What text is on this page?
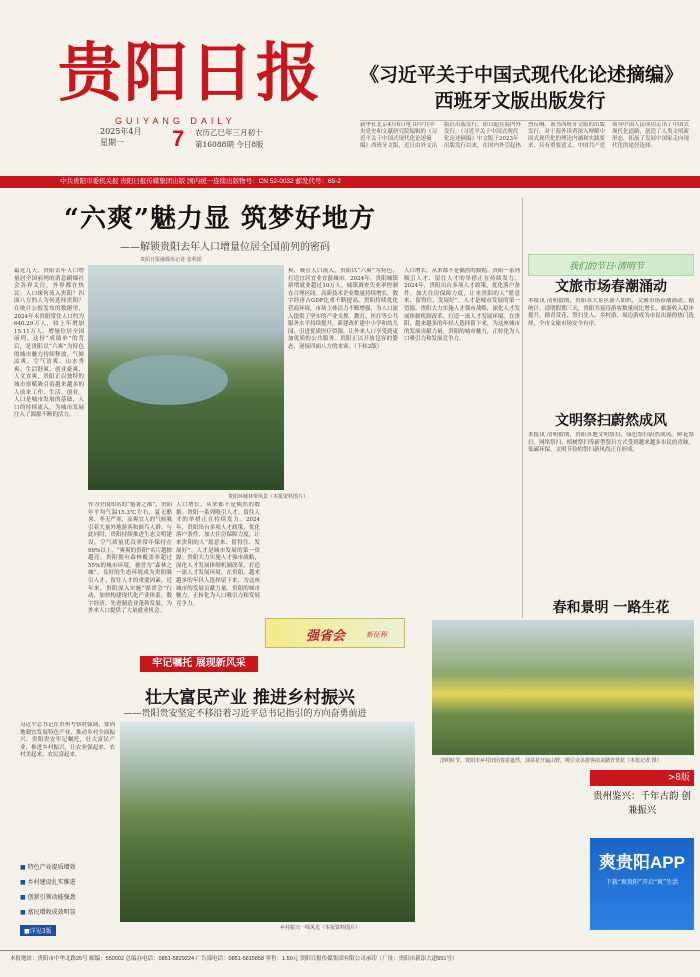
贵阳日报
GUIYANG DAILY
2025年4月
星期一	7 农历乙巳年三月初十
第16088期 今日8版
《习近平关于中国式现代化论述摘编》
西班牙文版出版发行
新华社北京4月6日电 由中共中央党史和文献研究院编辑的《习近平关于中国式现代化论述摘编》西班牙文版，近日由外文出版社出版发行，即日起在海内外发行。《习近平关于中国式现代化论述摘编》中文版于2023年出版发行以来，在国内外引起热烈反响。该书西班牙文版的出版发行，对于海外读者深入理解中国式现代化的理论内涵和实践要求，具有重要意义。中国共产党领导中国人民成功走出了中国式现代化道路，创造了人类文明新形态，拓展了发展中国家走向现代化的途径选择。
中共贵阳市委机关报 贵阳日报传媒集团出版 国内统一连续出版物号：CN 52-0032 邮发代号：65-2
“六爽”魅力显 筑梦好地方
——解锁贵阳去年人口增量位居全国前列的密码
贵阳日报融媒体记者 张利娟
最近几天，贵阳去年人口增量居全国前列的消息刷爆社会各界关注，外界都在热议：人口缘何流入贵阳？四面八方的人为何选择贵阳？在统计公报发布的数据里，2024年末贵阳常住人口约为640.29万人，较上年增加15.11万人，增量位居全国前列。这份“成绩单”的背后，是贵阳以“六爽”为特色的城市魅力持续释放。气候凉爽、空气清爽、山水秀爽、生活舒爽、创业豪爽、人文直爽，贵阳正以独特的城市禀赋吸引着越来越多的人前来工作、生活、创业。人口是城市发展的基础，人口的持续流入，为城市发展注入了源源不断的活力。
贵阳环城林带风景（本报资料图片）
作为全国知名的“避暑之都”，贵阳年平均气温15.3℃左右，夏无酷暑、冬无严寒，凉爽宜人的气候吸引着大量外地游客和候鸟人群。与此同时，贵阳持续推进生态文明建设，空气质量优良率常年保持在98%以上，“爽爽的贵阳”名片越擦越亮。贵阳拥有森林覆盖率超过55%的城市环境，被誉为“森林之城”。良好的生态环境成为贵阳吸引人才、留住人才的重要因素。近年来，贵阳深入实施“强省会”行动，加快构建现代化产业体系，数字经济、先进制造业蓬勃发展，为外来人口提供了大量就业机会。
人口增长，从来都不是偶然的数据。贵阳一系列吸引人才、留住人才的举措正在持续发力。2024年，贵阳出台多项人才政策，优化落户条件，加大住房保障力度，让来贵阳的人“愿意来、留得住、发展好”。人才是城市发展的第一资源。贵阳大力实施人才强市战略，深化人才发展体制机制改革，打造一流人才发展环境。在贵阳，越来越多的年轻人选择留下来，为这座城市的发展贡献力量。贵阳的城市魅力，正转化为人口吸引力和发展竞争力。
爽，吸引人口流入。贵阳以“六爽”为特色，打造宜居宜业宜游城市。2024年，贵阳城镇新增就业超过10万人，城镇调查失业率控制在合理区间。高新技术企业数量持续增长，数字经济占GDP比重不断提高。贵阳持续优化营商环境，市场主体活力不断增强，为人口流入提供了坚实的产业支撑。教育、医疗等公共服务水平持续提升，新建改扩建中小学和幼儿园，引进优质医疗资源，让外来人口享受到更加优质的公共服务。贵阳正以开放包容的姿态，迎接四面八方的来客。（下转2版）
人口增长，从来都不是偶然的数据。贵阳一系列吸引人才、留住人才的举措正在持续发力。2024年，贵阳出台多项人才政策，优化落户条件，加大住房保障力度，让来贵阳的人“愿意来、留得住、发展好”。人才是城市发展的第一资源。贵阳大力实施人才强市战略，深化人才发展体制机制改革，打造一流人才发展环境。在贵阳，越来越多的年轻人选择留下来，为这座城市的发展贡献力量。贵阳的城市魅力，正转化为人口吸引力和发展竞争力。
强省会	新征程
我们的节日·清明节
文旅市场春潮涌动
本报讯 清明假期，贵阳各大景区游人如织，文旅市场春潮涌动。据统计，清明假期三天，贵阳共接待游客数量同比增长，旅游收入稳步提升。踏青赏花、祭扫先人、乡村游、周边游成为市民出游的热门选择，全市文旅市场安全有序。
文明祭扫蔚然成风
本报讯 清明假期，贵阳各地文明祭扫、绿色祭扫蔚然成风。鲜花祭扫、网络祭扫、植树祭扫等新型祭扫方式受到越来越多市民的青睐，低碳环保、文明节俭的祭扫新风尚正在形成。
春和景明 一路生花
清明时节，贵阳市乡村田园春意盎然，油菜花开遍山野，吸引众多游客前来踏青赏花（本报记者 摄）
>8版
贵州鉴兴：千年古韵 创兼振兴
爽贵阳APP
下载“爽贵阳”开启“爽”生活
牢记嘱托 展现新风采
壮大富民产业 推进乡村振兴
——贵阳贵安坚定不移沿着习近平总书记指引的方向奋勇前进
习近平总书记在贵州考察时强调，要因地制宜发展特色产业，推动乡村全面振兴。贵阳贵安牢记嘱托，壮大富民产业，推进乡村振兴，让农业强起来、农村美起来、农民富起来。
■ 特色产业提质增效
■ 乡村建设扎实推进
■ 创新引领动能强劲
■ 富民增收成效明显
■详见3版	乡村振兴一线风光（本报资料图片）
本报地址：贵阳市中华北路25号 邮编：550002 总编办电话：0851-5829224 广告部电话：0851-5815858 零售：1.50元 贵阳日报传媒集团有限公司承印（厂址：贵阳市新添大道551号）
